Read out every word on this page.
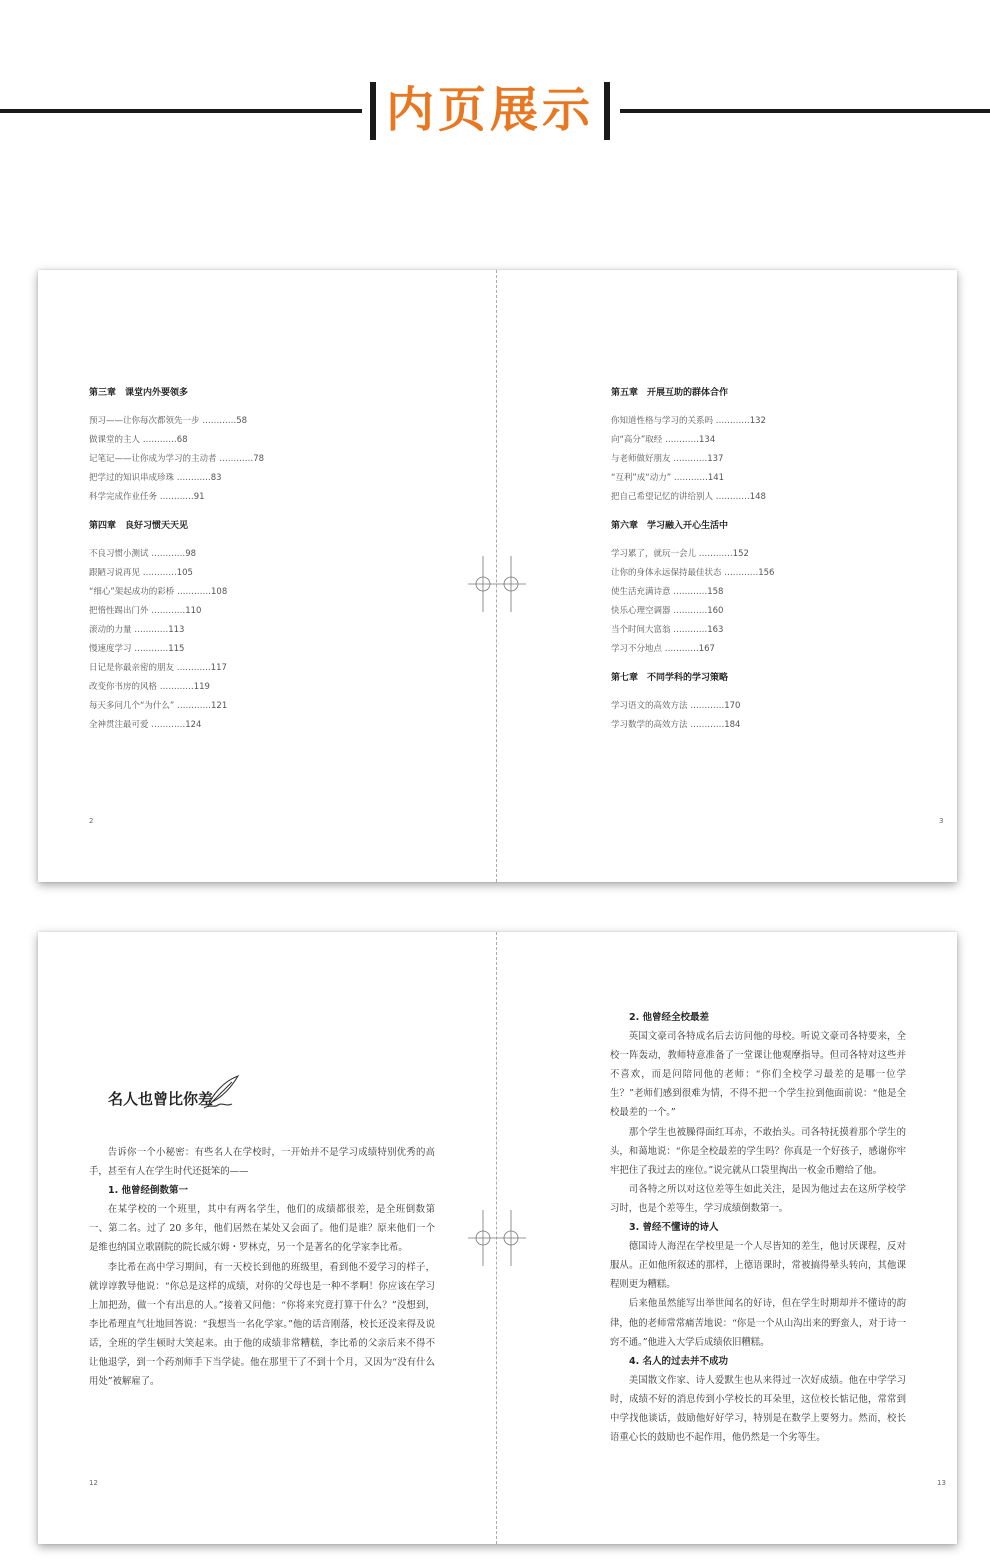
内页展示
第三章　课堂内外要领多
预习——让你每次都领先一步 …………58
做课堂的主人 …………68
记笔记——让你成为学习的主动者 …………78
把学过的知识串成珍珠 …………83
科学完成作业任务 …………91
第四章　良好习惯天天见
不良习惯小测试 …………98
跟陋习说再见 …………105
“细心”架起成功的彩桥 …………108
把惰性踢出门外 …………110
滚动的力量 …………113
慢速度学习 …………115
日记是你最亲密的朋友 …………117
改变你书房的风格 …………119
每天多问几个“为什么” …………121
全神贯注最可爱 …………124
2
第五章　开展互助的群体合作
你知道性格与学习的关系吗 …………132
向“高分”取经 …………134
与老师做好朋友 …………137
“互利”成“动力” …………141
把自己希望记忆的讲给别人 …………148
第六章　学习融入开心生活中
学习累了，就玩一会儿 …………152
让你的身体永远保持最佳状态 …………156
使生活充满诗意 …………158
快乐心理空调器 …………160
当个时间大富翁 …………163
学习不分地点 …………167
第七章　不同学科的学习策略
学习语文的高效方法 …………170
学习数学的高效方法 …………184
3
名人也曾比你差

告诉你一个小秘密：有些名人在学校时，一开始并不是学习成绩特别优秀的高手，甚至有人在学生时代还挺笨的——

1. 他曾经倒数第一

在某学校的一个班里，其中有两名学生，他们的成绩都很差，是全班倒数第一、第二名。过了 20 多年，他们居然在某处又会面了。他们是谁？原来他们一个是维也纳国立歌剧院的院长威尔姆・罗林克，另一个是著名的化学家李比希。

李比希在高中学习期间，有一天校长到他的班级里，看到他不爱学习的样子，就谆谆教导他说：“你总是这样的成绩，对你的父母也是一种不孝啊！你应该在学习上加把劲，做一个有出息的人。”接着又问他：“你将来究竟打算干什么？”没想到，李比希理直气壮地回答说：“我想当一名化学家。”他的话音刚落，校长还没来得及说话，全班的学生顿时大笑起来。由于他的成绩非常糟糕，李比希的父亲后来不得不让他退学，到一个药剂师手下当学徒。他在那里干了不到十个月，又因为“没有什么用处”被解雇了。

12

2. 他曾经全校最差

英国文豪司各特成名后去访问他的母校。听说文豪司各特要来，全校一阵轰动，教师特意准备了一堂课让他观摩指导。但司各特对这些并不喜欢，而是问陪同他的老师：“你们全校学习最差的是哪一位学生？”老师们感到很难为情，不得不把一个学生拉到他面前说：“他是全校最差的一个。”

那个学生也被臊得面红耳赤，不敢抬头。司各特抚摸着那个学生的头，和蔼地说：“你是全校最差的学生吗？你真是一个好孩子，感谢你牢牢把住了我过去的座位。”说完就从口袋里掏出一枚金币赠给了他。

司各特之所以对这位差等生如此关注，是因为他过去在这所学校学习时，也是个差等生，学习成绩倒数第一。

3. 曾经不懂诗的诗人

德国诗人海涅在学校里是一个人尽皆知的差生，他讨厌课程，反对服从。正如他所叙述的那样，上德语课时，常被搞得晕头转向，其他课程则更为糟糕。

后来他虽然能写出举世闻名的好诗，但在学生时期却并不懂诗的韵律，他的老师常常痛苦地说：“你是一个从山沟出来的野蛮人，对于诗一窍不通。”他进入大学后成绩依旧糟糕。

4. 名人的过去并不成功

美国散文作家、诗人爱默生也从来得过一次好成绩。他在中学学习时，成绩不好的消息传到小学校长的耳朵里，这位校长惦记他，常常到中学找他谈话，鼓励他好好学习，特别是在数学上要努力。然而，校长语重心长的鼓励也不起作用，他仍然是一个劣等生。

13
